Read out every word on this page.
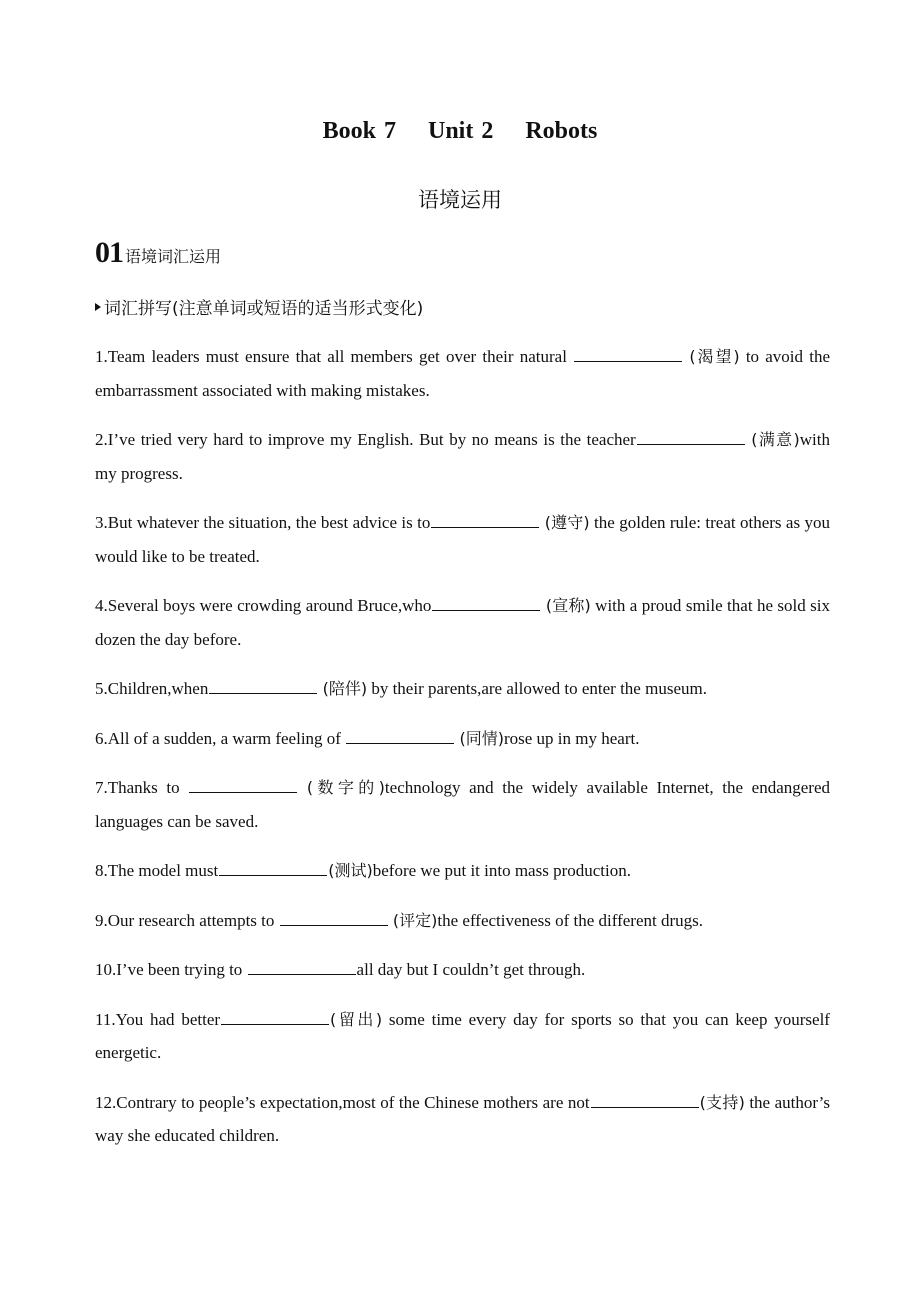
Book 7    Unit 2    Robots
语境运用
01 语境词汇运用
词汇拼写(注意单词或短语的适当形式变化)

1.Team leaders must ensure that all members get over their natural	(渴望) to avoid the embarrassment associated with making mistakes.

2.I’ve tried very hard to improve my English. But by no means is the teacher	(满意)with my progress.

3.But whatever the situation, the best advice is to	(遵守) the golden rule: treat others as you would like to be treated.

4.Several boys were crowding around Bruce,who	(宣称) with a proud smile that he sold six dozen the day before.

5.Children,when	(陪伴) by their parents,are allowed to enter the museum.

6.All of a sudden, a warm feeling of	(同情)rose up in my heart.

7.Thanks to	(数字的)technology and the widely available Internet, the endangered languages can be saved.

8.The model must	(测试)before we put it into mass production.

9.Our research attempts to	(评定)the effectiveness of the different drugs.

10.I’ve been trying to	all day but I couldn’t get through.

11.You had better	(留出) some time every day for sports so that you can keep yourself energetic.

12.Contrary to people’s expectation,most of the Chinese mothers are not	(支持) the author’s way she educated children.
